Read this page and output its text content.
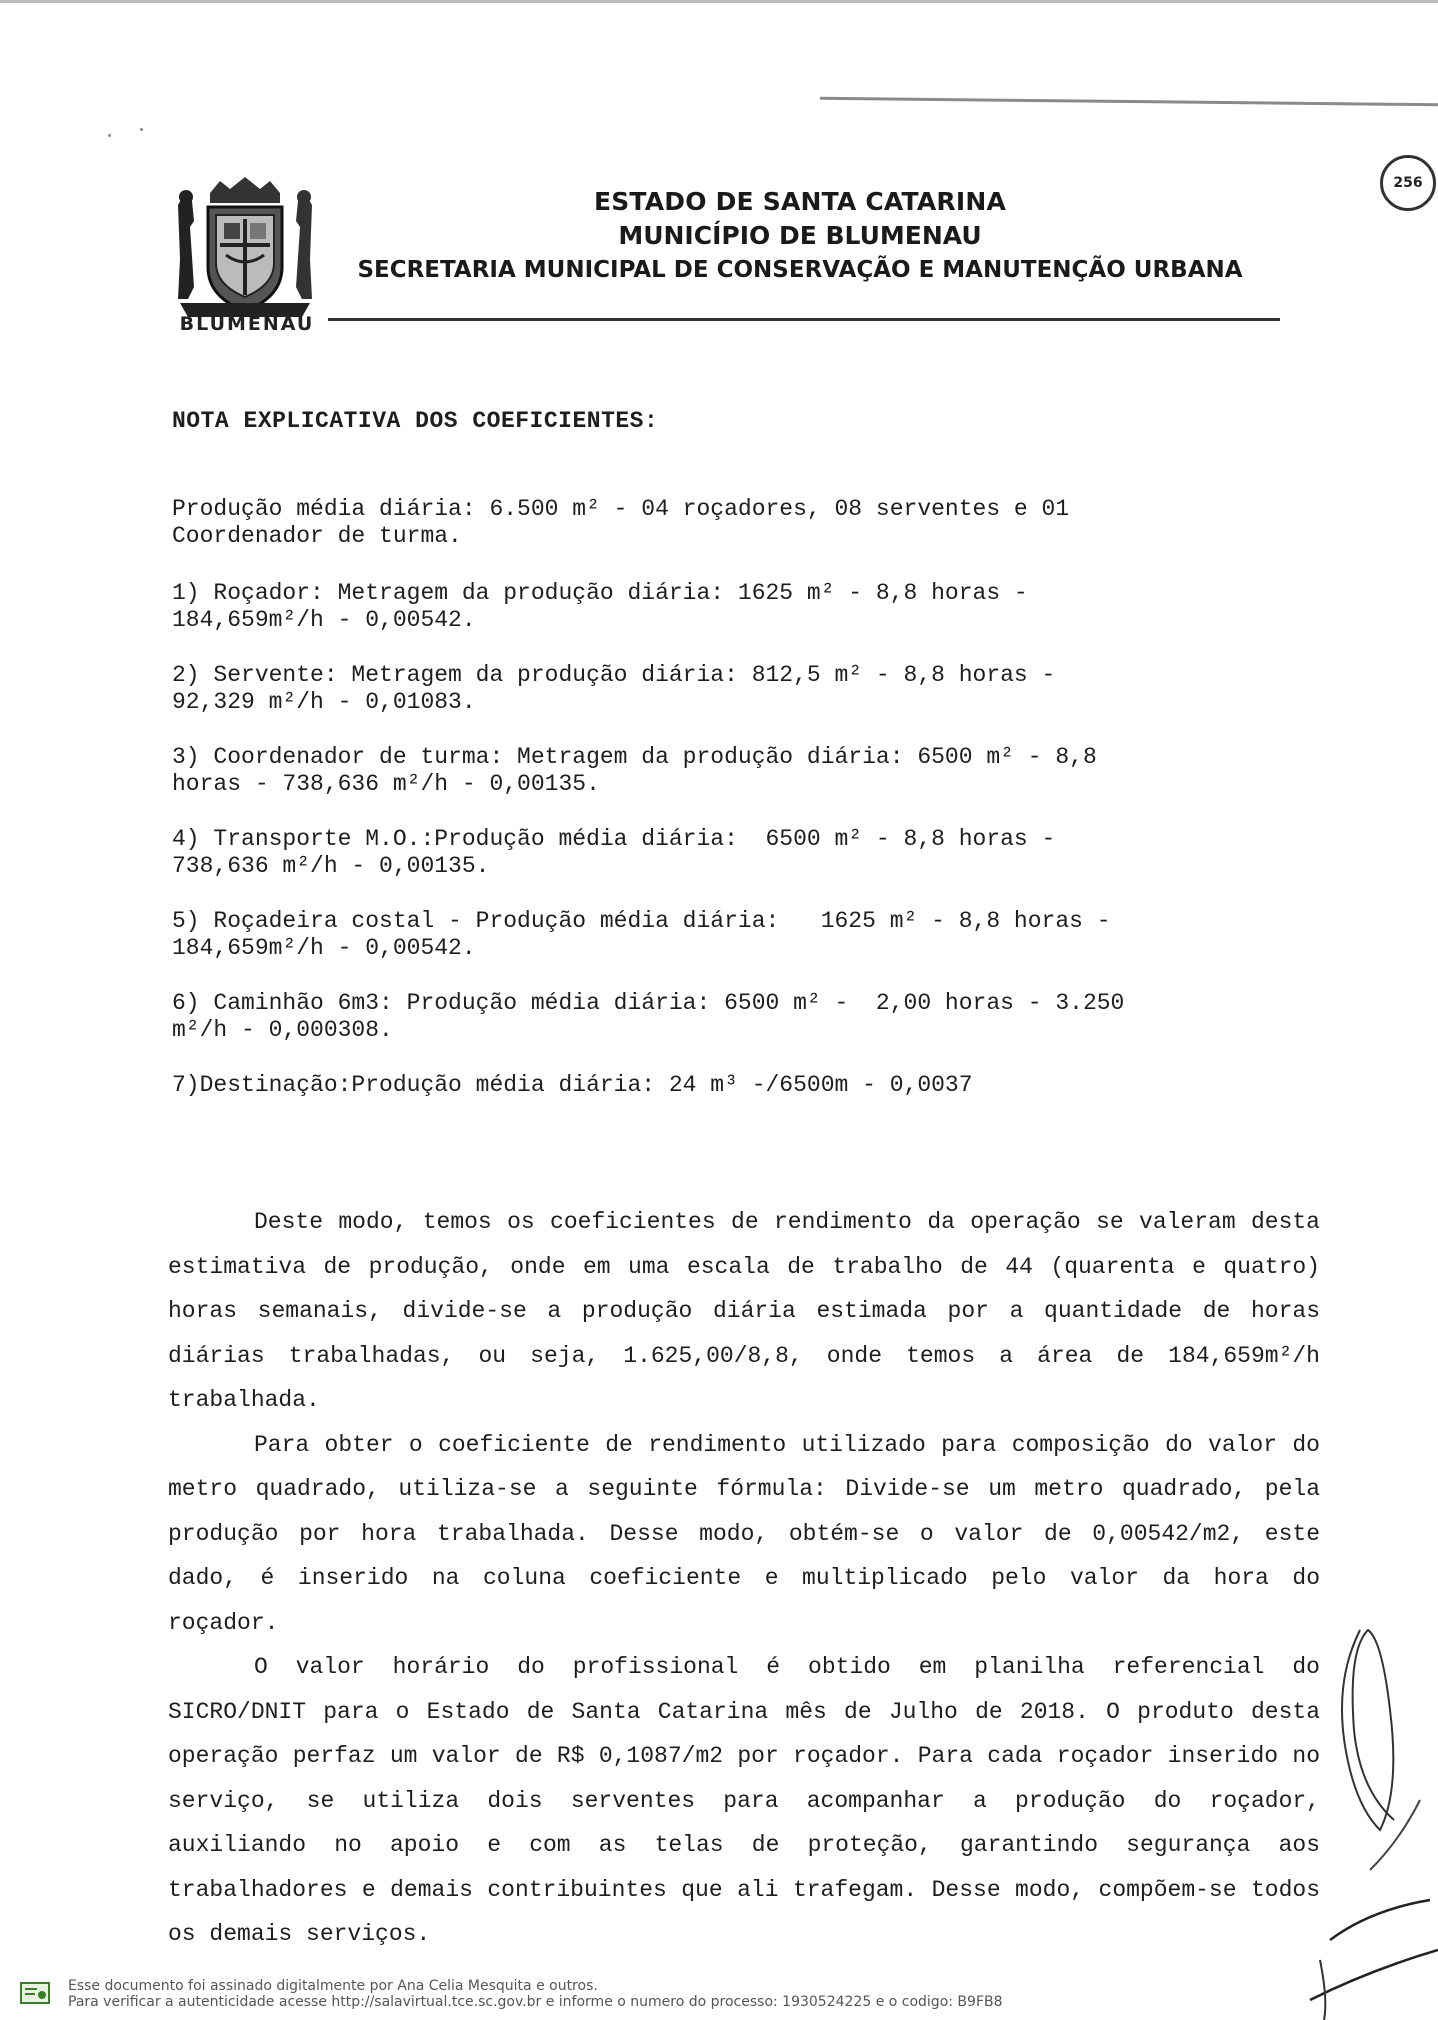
BLUMENAU
ESTADO DE SANTA CATARINA
MUNICÍPIO DE BLUMENAU
SECRETARIA MUNICIPAL DE CONSERVAÇÃO E MANUTENÇÃO URBANA
256
NOTA EXPLICATIVA DOS COEFICIENTES:

Produção média diária: 6.500 m² - 04 roçadores, 08 serventes e 01
Coordenador de turma.

1) Roçador: Metragem da produção diária: 1625 m² - 8,8 horas -
184,659m²/h - 0,00542.

2) Servente: Metragem da produção diária: 812,5 m² - 8,8 horas -
92,329 m²/h - 0,01083.

3) Coordenador de turma: Metragem da produção diária: 6500 m² - 8,8
horas - 738,636 m²/h - 0,00135.

4) Transporte M.O.:Produção média diária:  6500 m² - 8,8 horas -
738,636 m²/h - 0,00135.

5) Roçadeira costal - Produção média diária:   1625 m² - 8,8 horas -
184,659m²/h - 0,00542.

6) Caminhão 6m3: Produção média diária: 6500 m² -  2,00 horas - 3.250
m²/h - 0,000308.

7)Destinação:Produção média diária: 24 m³ -/6500m - 0,0037

Deste modo, temos os coeficientes de rendimento da operação se valeram desta estimativa de produção, onde em uma escala de trabalho de 44 (quarenta e quatro) horas semanais, divide-se a produção diária estimada por a quantidade de horas diárias trabalhadas, ou seja, 1.625,00/8,8, onde temos a área de 184,659m²/h trabalhada.

Para obter o coeficiente de rendimento utilizado para composição do valor do metro quadrado, utiliza-se a seguinte fórmula: Divide-se um metro quadrado, pela produção por hora trabalhada. Desse modo, obtém-se o valor de 0,00542/m2, este dado, é inserido na coluna coeficiente e multiplicado pelo valor da hora do roçador.

O valor horário do profissional é obtido em planilha referencial do SICRO/DNIT para o Estado de Santa Catarina mês de Julho de 2018. O produto desta operação perfaz um valor de R$ 0,1087/m2 por roçador. Para cada roçador inserido no serviço, se utiliza dois serventes para acompanhar a produção do roçador, auxiliando no apoio e com as telas de proteção, garantindo segurança aos trabalhadores e demais contribuintes que ali trafegam. Desse modo, compõem-se todos os demais serviços.

Esse documento foi assinado digitalmente por Ana Celia Mesquita e outros.
Para verificar a autenticidade acesse http://salavirtual.tce.sc.gov.br e informe o numero do processo: 1930524225 e o codigo: B9FB8
